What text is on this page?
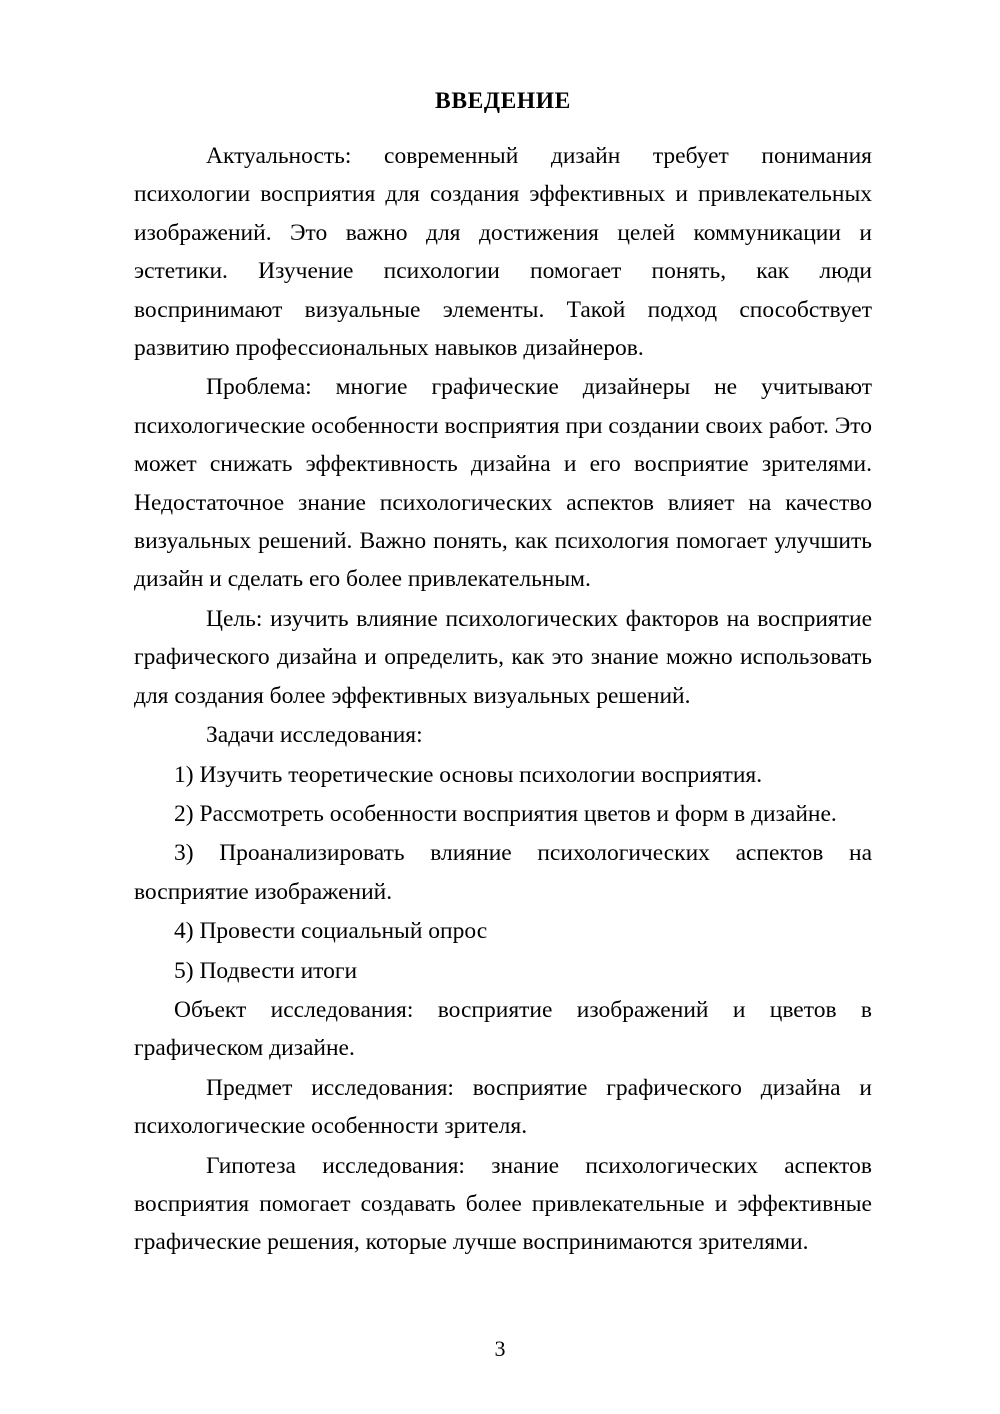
ВВЕДЕНИЕ

Актуальность: современный дизайн требует понимания психологии восприятия для создания эффективных и привлекательных изображений. Это важно для достижения целей коммуникации и эстетики. Изучение психологии помогает понять, как люди воспринимают визуальные элементы. Такой подход способствует развитию профессиональных навыков дизайнеров.

Проблема: многие графические дизайнеры не учитывают психологические особенности восприятия при создании своих работ. Это может снижать эффективность дизайна и его восприятие зрителями. Недостаточное знание психологических аспектов влияет на качество визуальных решений. Важно понять, как психология помогает улучшить дизайн и сделать его более привлекательным.

Цель: изучить влияние психологических факторов на восприятие графического дизайна и определить, как это знание можно использовать для создания более эффективных визуальных решений.

Задачи исследования:

1) Изучить теоретические основы психологии восприятия.

2) Рассмотреть особенности восприятия цветов и форм в дизайне.

3) Проанализировать влияние психологических аспектов на восприятие изображений.

4) Провести социальный опрос

5) Подвести итоги

Объект исследования: восприятие изображений и цветов в графическом дизайне.

Предмет исследования: восприятие графического дизайна и психологические особенности зрителя.

Гипотеза исследования: знание психологических аспектов восприятия помогает создавать более привлекательные и эффективные графические решения, которые лучше воспринимаются зрителями.

3
